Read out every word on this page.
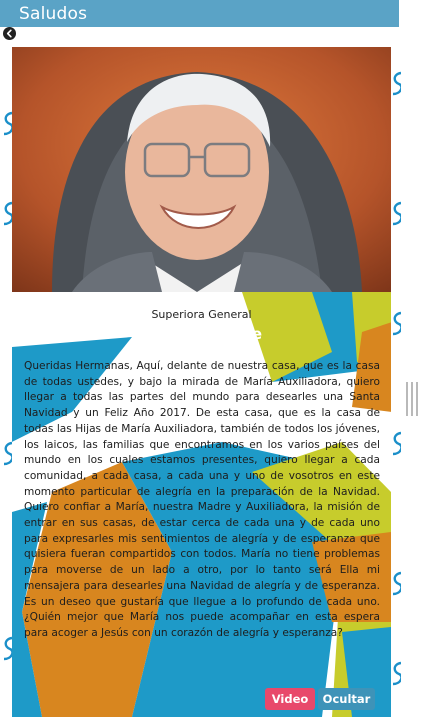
Saludos
Superiora General
Madre Yvonne
Queridas Hermanas, Aquí, delante de nuestra casa, que es la casa de todas ustedes, y bajo la mirada de María Auxiliadora, quiero llegar a todas las partes del mundo para desearles una Santa Navidad y un Feliz Año 2017. De esta casa, que es la casa de todas las Hijas de María Auxiliadora, también de todos los jóvenes, los laicos, las familias que encontramos en los varios países del mundo en los cuales estamos presentes, quiero llegar a cada comunidad, a cada casa, a cada una y uno de vosotros en este momento particular de alegría en la preparación de la Navidad. Quiero confiar a María, nuestra Madre y Auxiliadora, la misión de entrar en sus casas, de estar cerca de cada una y de cada uno para expresarles mis sentimientos de alegría y de esperanza que quisiera fueran compartidos con todos. María no tiene problemas para moverse de un lado a otro, por lo tanto será Ella mi mensajera para desearles una Navidad de alegría y de esperanza. Es un deseo que gustaría que llegue a lo profundo de cada uno. ¿Quién mejor que María nos puede acompañar en esta espera para acoger a Jesús con un corazón de alegría y esperanza?
Video	Ocultar
